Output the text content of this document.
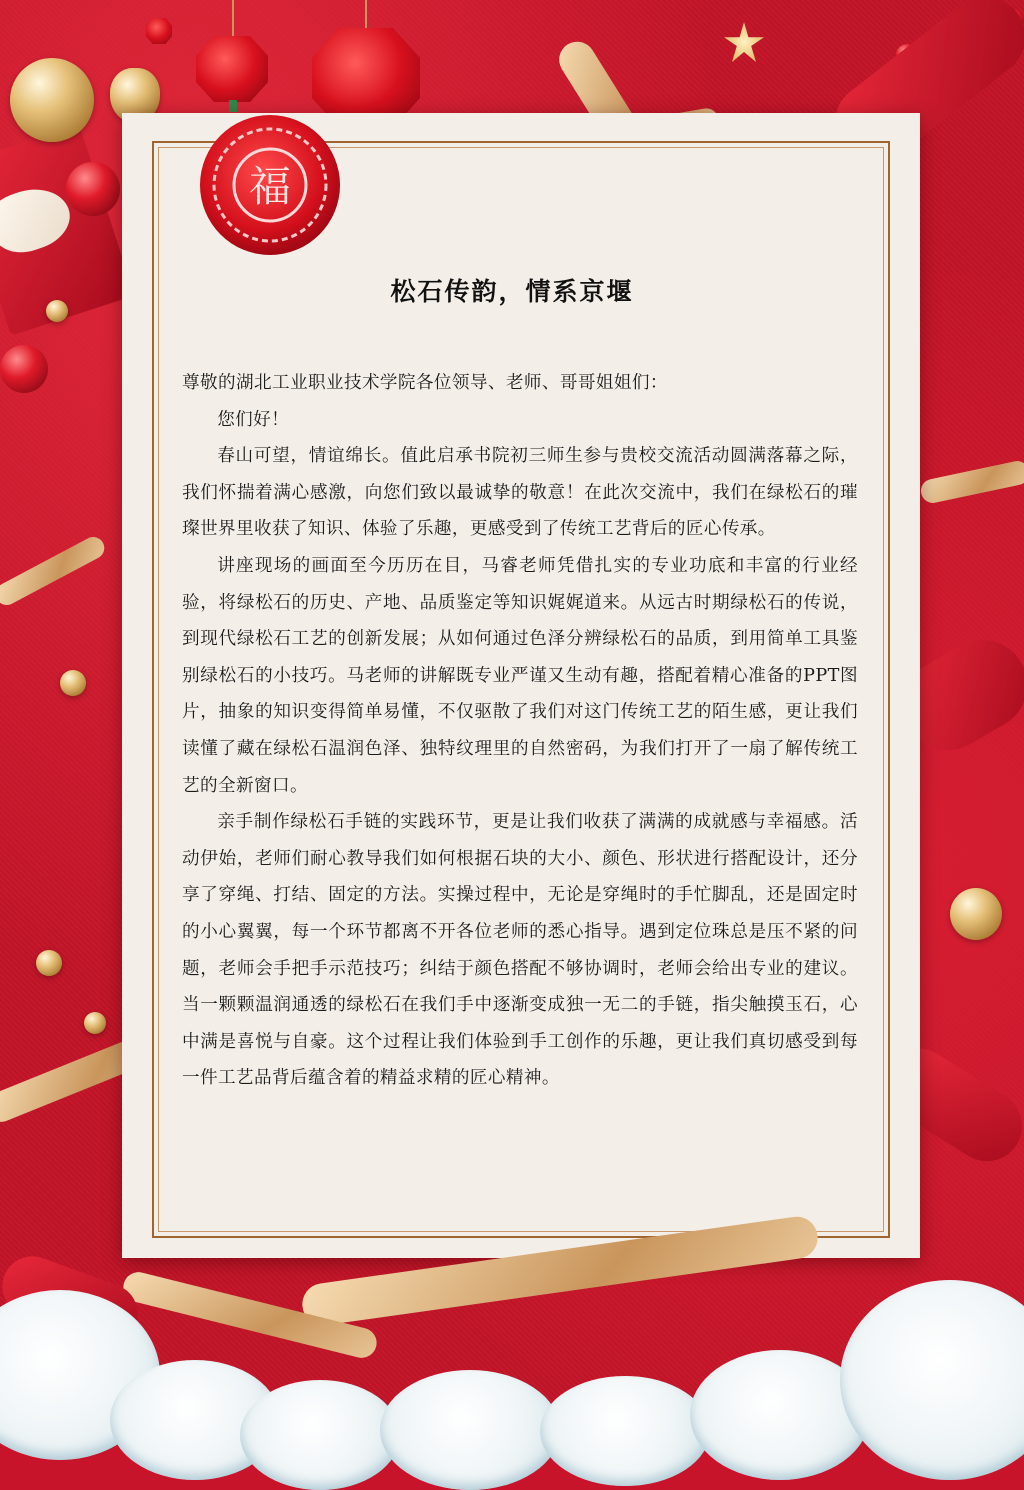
福
松石传韵，情系京堰

尊敬的湖北工业职业技术学院各位领导、老师、哥哥姐姐们：

您们好！

春山可望，情谊绵长。值此启承书院初三师生参与贵校交流活动圆满落幕之际，我们怀揣着满心感激，向您们致以最诚挚的敬意！在此次交流中，我们在绿松石的璀璨世界里收获了知识、体验了乐趣，更感受到了传统工艺背后的匠心传承。

讲座现场的画面至今历历在目，马睿老师凭借扎实的专业功底和丰富的行业经验，将绿松石的历史、产地、品质鉴定等知识娓娓道来。从远古时期绿松石的传说，到现代绿松石工艺的创新发展；从如何通过色泽分辨绿松石的品质，到用简单工具鉴别绿松石的小技巧。马老师的讲解既专业严谨又生动有趣，搭配着精心准备的PPT图片，抽象的知识变得简单易懂，不仅驱散了我们对这门传统工艺的陌生感，更让我们读懂了藏在绿松石温润色泽、独特纹理里的自然密码，为我们打开了一扇了解传统工艺的全新窗口。

亲手制作绿松石手链的实践环节，更是让我们收获了满满的成就感与幸福感。活动伊始，老师们耐心教导我们如何根据石块的大小、颜色、形状进行搭配设计，还分享了穿绳、打结、固定的方法。实操过程中，无论是穿绳时的手忙脚乱，还是固定时的小心翼翼，每一个环节都离不开各位老师的悉心指导。遇到定位珠总是压不紧的问题，老师会手把手示范技巧；纠结于颜色搭配不够协调时，老师会给出专业的建议。当一颗颗温润通透的绿松石在我们手中逐渐变成独一无二的手链，指尖触摸玉石，心中满是喜悦与自豪。这个过程让我们体验到手工创作的乐趣，更让我们真切感受到每一件工艺品背后蕴含着的精益求精的匠心精神。
